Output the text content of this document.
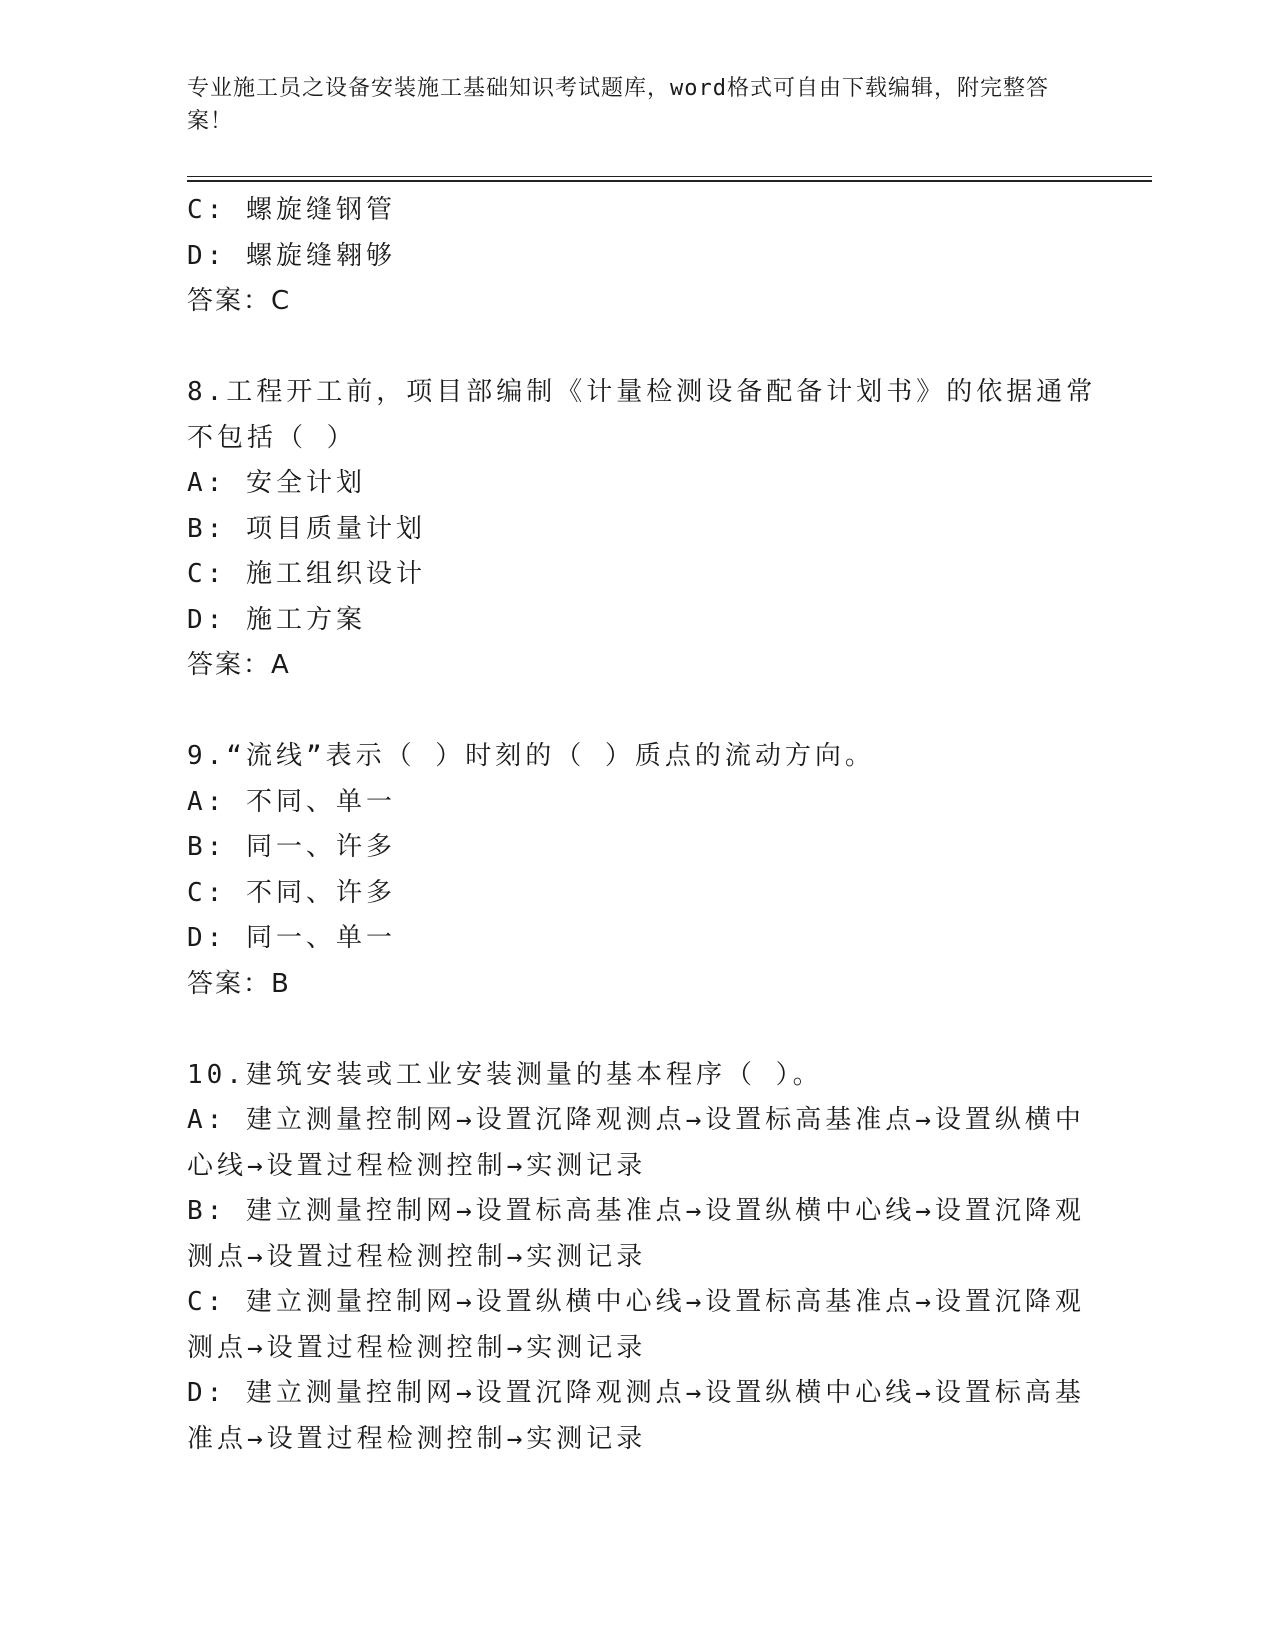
专业施工员之设备安装施工基础知识考试题库，word格式可自由下载编辑，附完整答案！
C: 螺旋缝钢管
D: 螺旋缝翱够
答案：C
8.工程开工前，项目部编制《计量检测设备配备计划书》的依据通常
不包括（ ）
A: 安全计划
B: 项目质量计划
C: 施工组织设计
D: 施工方案
答案：A
9.“流线”表示（ ）时刻的（ ）质点的流动方向。
A: 不同、单一
B: 同一、许多
C: 不同、许多
D: 同一、单一
答案：B
10.建筑安装或工业安装测量的基本程序（ ）。
A: 建立测量控制网→设置沉降观测点→设置标高基准点→设置纵横中
心线→设置过程检测控制→实测记录
B: 建立测量控制网→设置标高基准点→设置纵横中心线→设置沉降观
测点→设置过程检测控制→实测记录
C: 建立测量控制网→设置纵横中心线→设置标高基准点→设置沉降观
测点→设置过程检测控制→实测记录
D: 建立测量控制网→设置沉降观测点→设置纵横中心线→设置标高基
准点→设置过程检测控制→实测记录
